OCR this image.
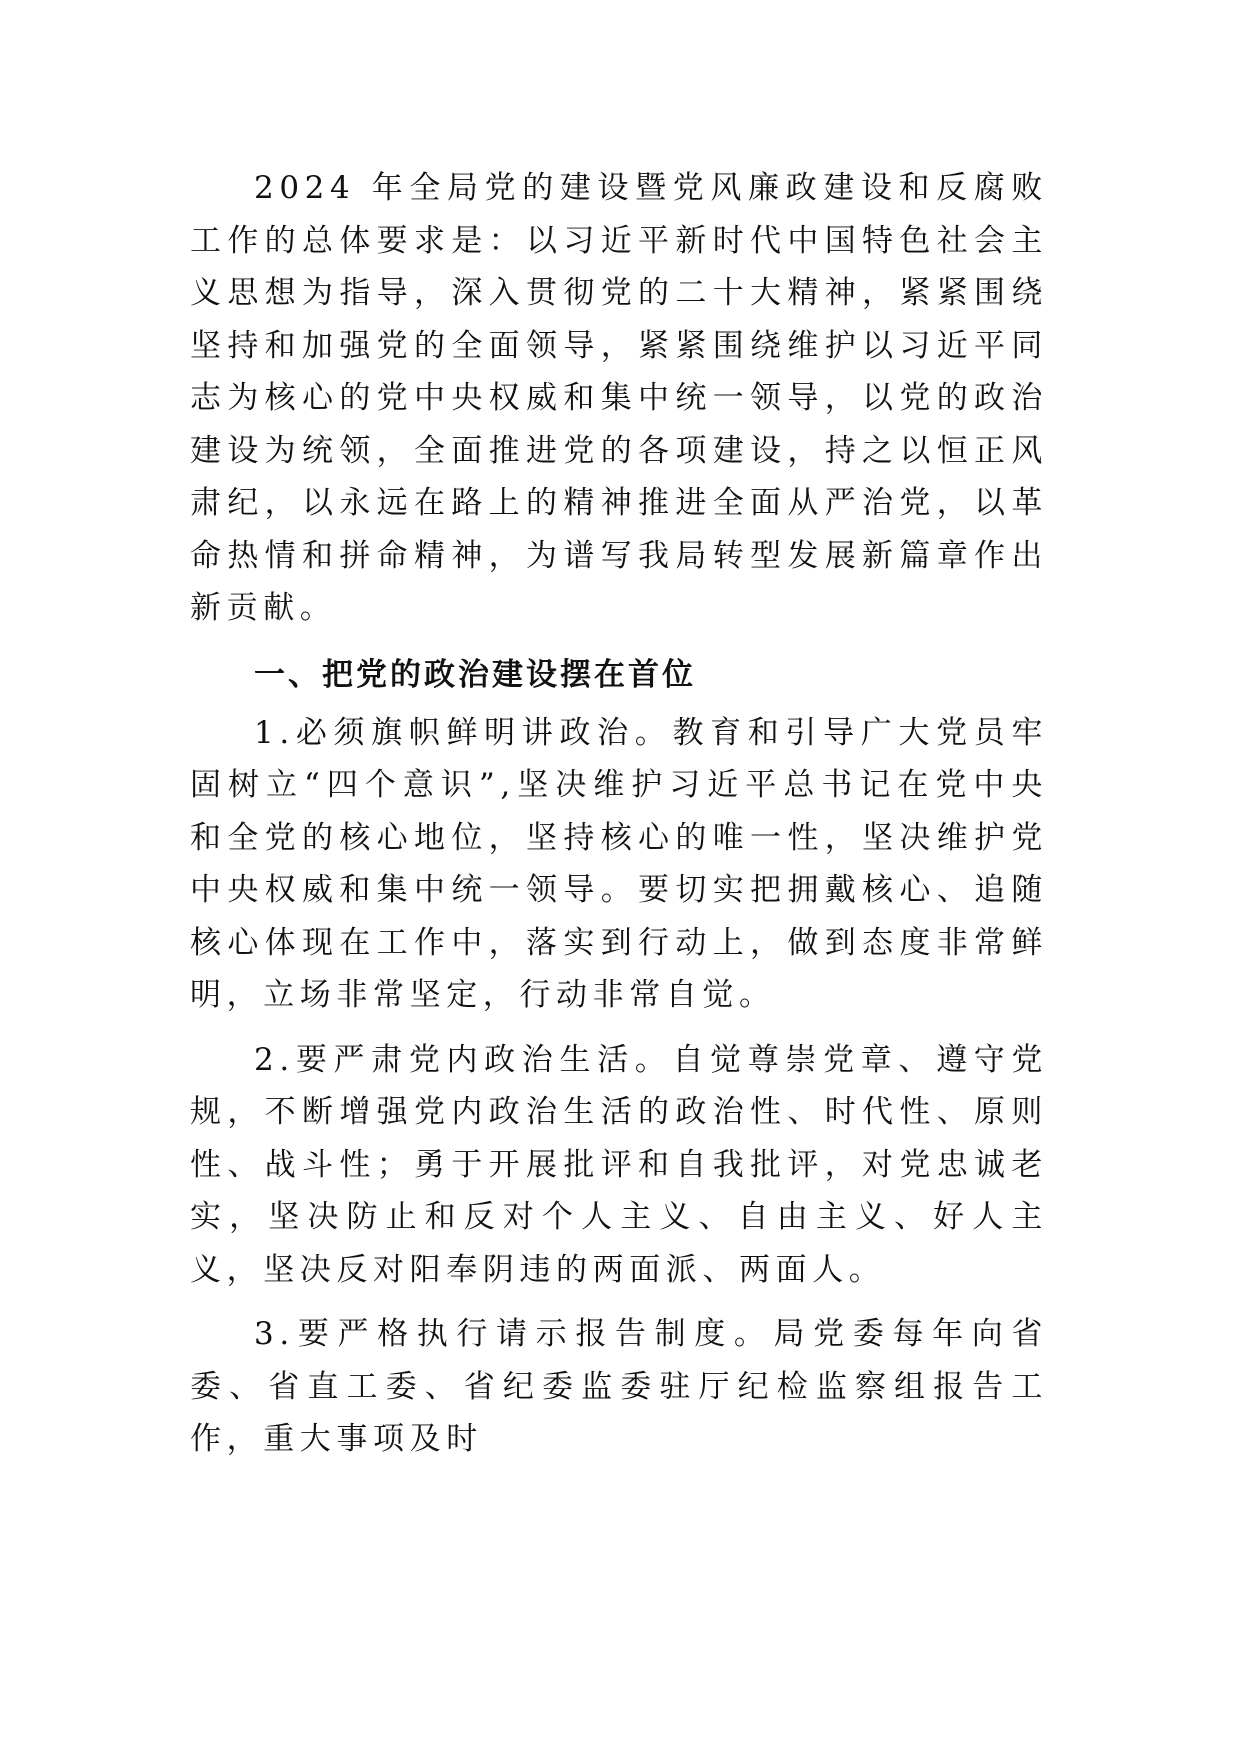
2024 年全局党的建设暨党风廉政建设和反腐败工作的总体要求是：以习近平新时代中国特色社会主义思想为指导，深入贯彻党的二十大精神，紧紧围绕坚持和加强党的全面领导，紧紧围绕维护以习近平同志为核心的党中央权威和集中统一领导，以党的政治建设为统领，全面推进党的各项建设，持之以恒正风肃纪，以永远在路上的精神推进全面从严治党，以革命热情和拼命精神，为谱写我局转型发展新篇章作出新贡献。

一、把党的政治建设摆在首位

1.必须旗帜鲜明讲政治。教育和引导广大党员牢固树立“四个意识”,坚决维护习近平总书记在党中央和全党的核心地位，坚持核心的唯一性，坚决维护党中央权威和集中统一领导。要切实把拥戴核心、追随核心体现在工作中，落实到行动上，做到态度非常鲜明，立场非常坚定，行动非常自觉。

2.要严肃党内政治生活。自觉尊崇党章、遵守党规，不断增强党内政治生活的政治性、时代性、原则性、战斗性；勇于开展批评和自我批评，对党忠诚老实，坚决防止和反对个人主义、自由主义、好人主义，坚决反对阳奉阴违的两面派、两面人。

3.要严格执行请示报告制度。局党委每年向省委、省直工委、省纪委监委驻厅纪检监察组报告工作，重大事项及时
